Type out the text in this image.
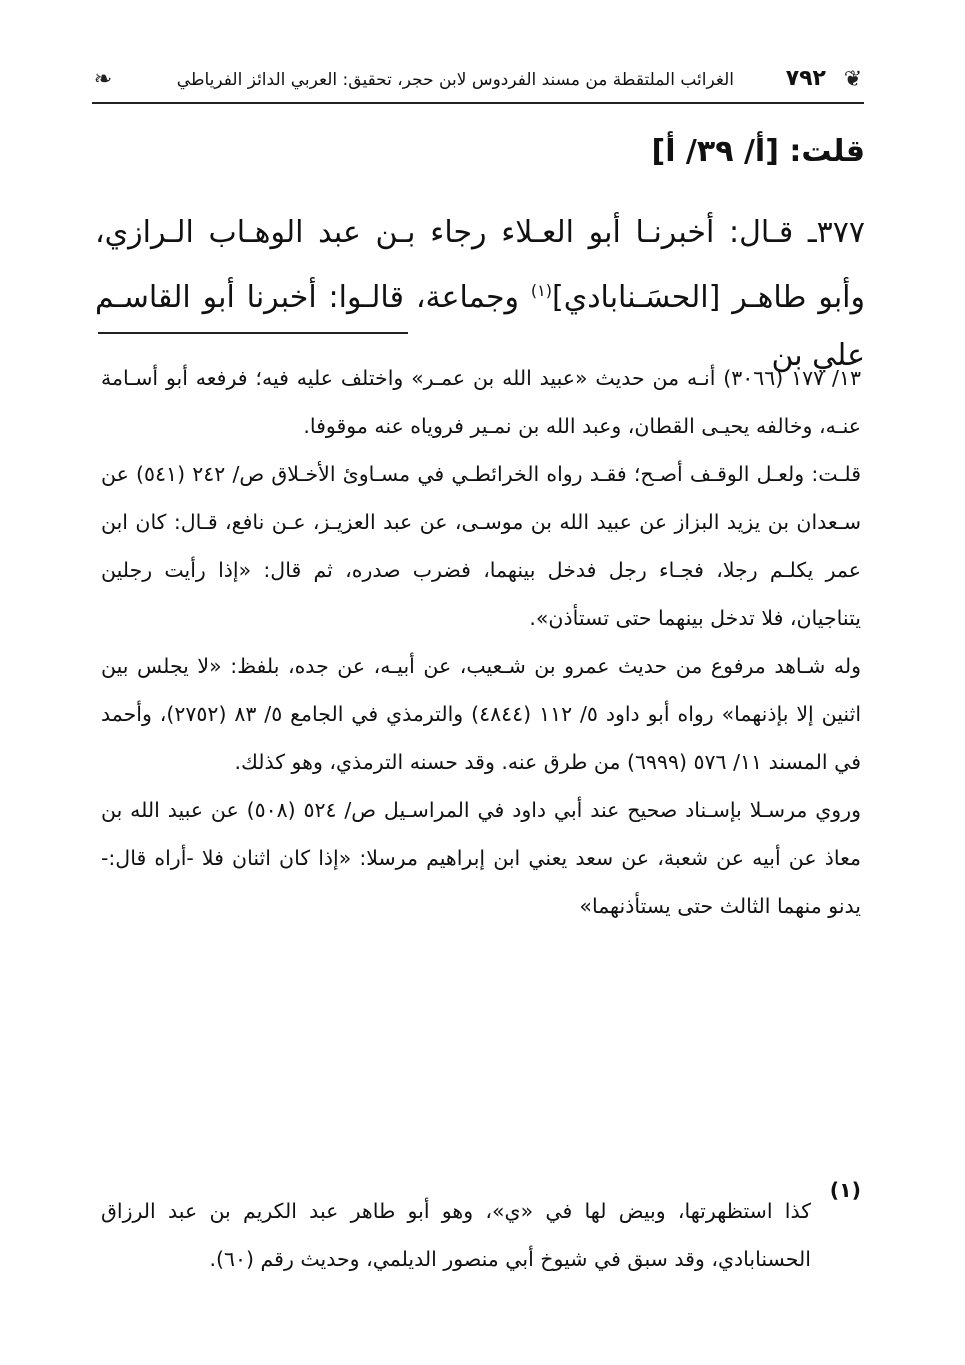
❦
٧٩٢
الغرائب الملتقطة من مسند الفردوس لابن حجر، تحقيق: العربي الدائز الفرياطي
❧

قلت: [أ/ ٣٩/ أ]

٣٧٧ـ قـال: أخبرنـا أبو العـلاء رجاء بـن عبد الوهـاب الـرازي، وأبو طاهـر [الحسَـنابادي]$^{(١)}$ وجماعة، قالـوا: أخبرنا أبو القاسـم علي بن

١٣/ ١٧٧ (٣٠٦٦) أنـه من حديث «عبيد الله بن عمـر» واختلف عليه فيه؛ فرفعه أبو أسـامة عنـه، وخالفه يحيـى القطان، وعبد الله بن نمـير فروياه عنه موقوفا.

قلـت: ولعـل الوقـف أصـح؛ فقـد رواه الخرائطـي في مسـاوئ الأخـلاق ص/ ٢٤٢ (٥٤١) عن سـعدان بن يزيد البزاز عن عبيد الله بن موسـى، عن عبد العزيـز، عـن نافع، قـال: كان ابن عمر يكلـم رجلا، فجـاء رجل فدخل بينهما، فضرب صدره، ثم قال: «إذا رأيت رجلين يتناجيان، فلا تدخل بينهما حتى تستأذن».

وله شـاهد مرفوع من حديث عمرو بن شـعيب، عن أبيـه، عن جده، بلفظ: «لا يجلس بين اثنين إلا بإذنهما» رواه أبو داود ٥/ ١١٢ (٤٨٤٤) والترمذي في الجامع ٥/ ٨٣ (٢٧٥٢)، وأحمد في المسند ١١/ ٥٧٦ (٦٩٩٩) من طرق عنه. وقد حسنه الترمذي، وهو كذلك.

وروي مرسـلا بإسـناد صحيح عند أبي داود في المراسـيل ص/ ٥٢٤ (٥٠٨) عن عبيد الله بن معاذ عن أبيه عن شعبة، عن سعد يعني ابن إبراهيم مرسلا: «إذا كان اثنان فلا -أراه قال:- يدنو منهما الثالث حتى يستأذنهما»

(١)

كذا استظهرتها، وبيض لها في «ي»، وهو أبو طاهر عبد الكريم بن عبد الرزاق الحسنابادي، وقد سبق في شيوخ أبي منصور الديلمي، وحديث رقم (٦٠).
